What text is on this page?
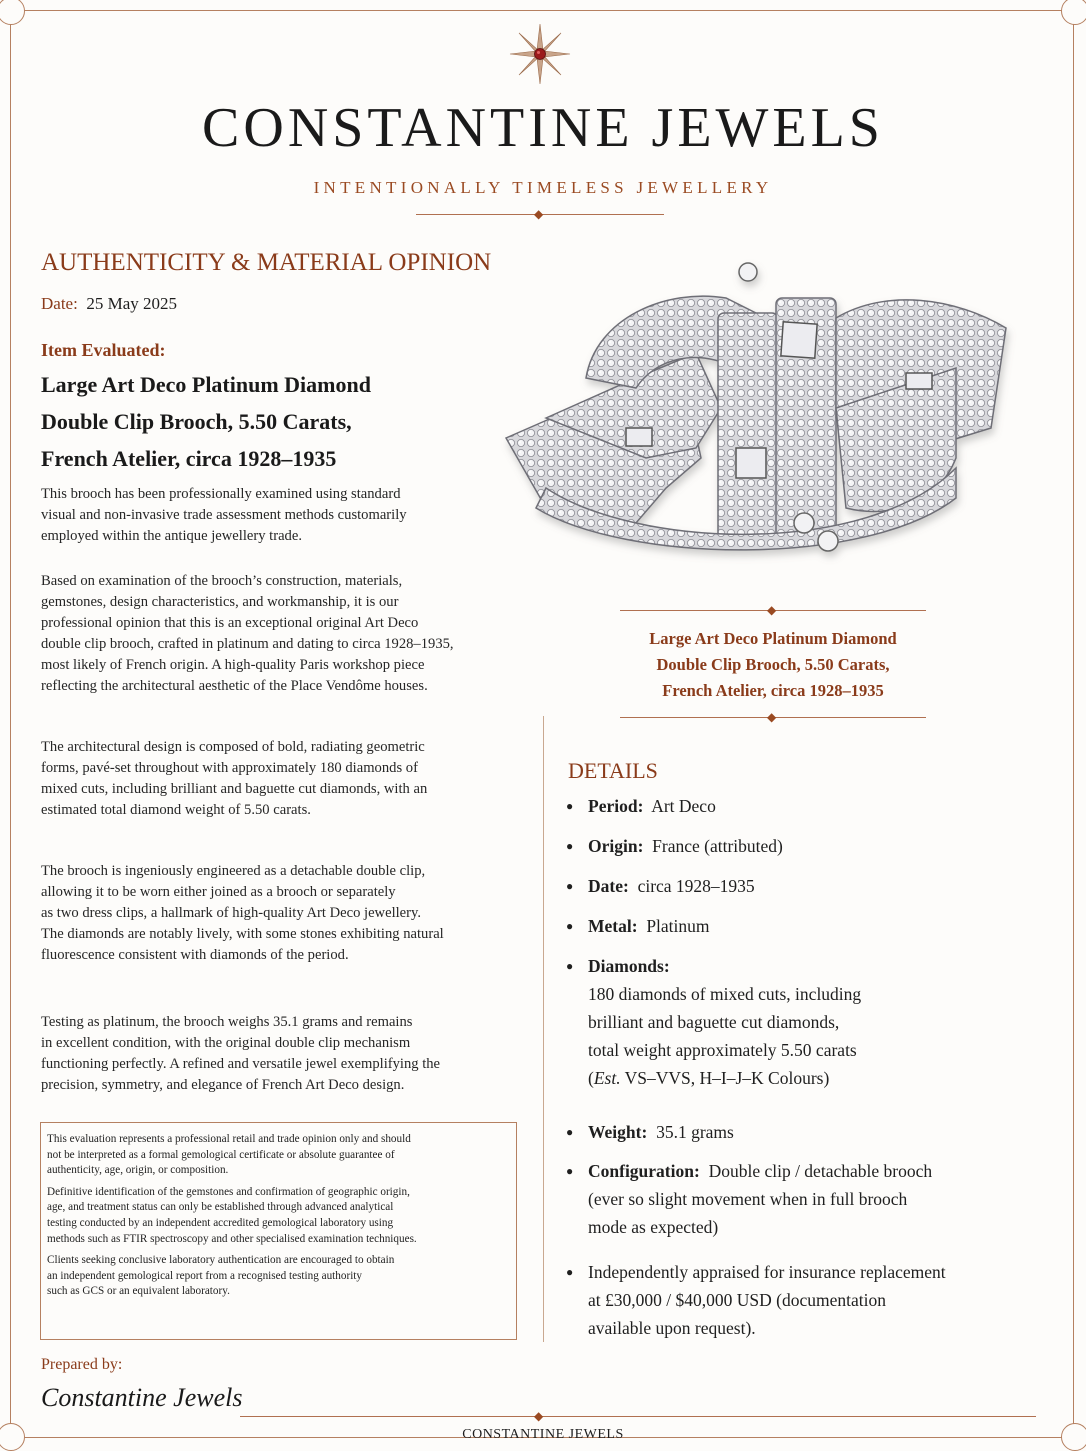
CONSTANTINE JEWELS
INTENTIONALLY TIMELESS JEWELLERY
◆
AUTHENTICITY & MATERIAL OPINION
Date: 25 May 2025
Item Evaluated:
Large Art Deco Platinum Diamond
Double Clip Brooch, 5.50 Carats,
French Atelier, circa 1928–1935
This brooch has been professionally examined using standard
visual and non-invasive trade assessment methods customarily
employed within the antique jewellery trade.
Based on examination of the brooch’s construction, materials,
gemstones, design characteristics, and workmanship, it is our
professional opinion that this is an exceptional original Art Deco
double clip brooch, crafted in platinum and dating to circa 1928–1935,
most likely of French origin. A high-quality Paris workshop piece
reflecting the architectural aesthetic of the Place Vendôme houses.
The architectural design is composed of bold, radiating geometric
forms, pavé-set throughout with approximately 180 diamonds of
mixed cuts, including brilliant and baguette cut diamonds, with an
estimated total diamond weight of 5.50 carats.
The brooch is ingeniously engineered as a detachable double clip,
allowing it to be worn either joined as a brooch or separately
as two dress clips, a hallmark of high-quality Art Deco jewellery.
The diamonds are notably lively, with some stones exhibiting natural
fluorescence consistent with diamonds of the period.
Testing as platinum, the brooch weighs 35.1 grams and remains
in excellent condition, with the original double clip mechanism
functioning perfectly. A refined and versatile jewel exemplifying the
precision, symmetry, and elegance of French Art Deco design.

This evaluation represents a professional retail and trade opinion only and should
not be interpreted as a formal gemological certificate or absolute guarantee of
authenticity, age, origin, or composition.

Definitive identification of the gemstones and confirmation of geographic origin,
age, and treatment status can only be established through advanced analytical
testing conducted by an independent accredited gemological laboratory using
methods such as FTIR spectroscopy and other specialised examination techniques.

Clients seeking conclusive laboratory authentication are encouraged to obtain
an independent gemological report from a recognised testing authority
such as GCS or an equivalent laboratory.

Prepared by:
Constantine Jewels
◆
CONSTANTINE JEWELS
◆
Large Art Deco Platinum Diamond
Double Clip Brooch, 5.50 Carats,
French Atelier, circa 1928–1935
◆
DETAILS
● Period: Art Deco
● Origin: France (attributed)
● Date: circa 1928–1935
● Metal: Platinum
● Diamonds:
180 diamonds of mixed cuts, including
brilliant and baguette cut diamonds,
total weight approximately 5.50 carats
(Est. VS–VVS, H–I–J–K Colours)
● Weight: 35.1 grams
● Configuration: Double clip / detachable brooch
(ever so slight movement when in full brooch
mode as expected)
● Independently appraised for insurance replacement
at £30,000 / $40,000 USD (documentation
available upon request).
